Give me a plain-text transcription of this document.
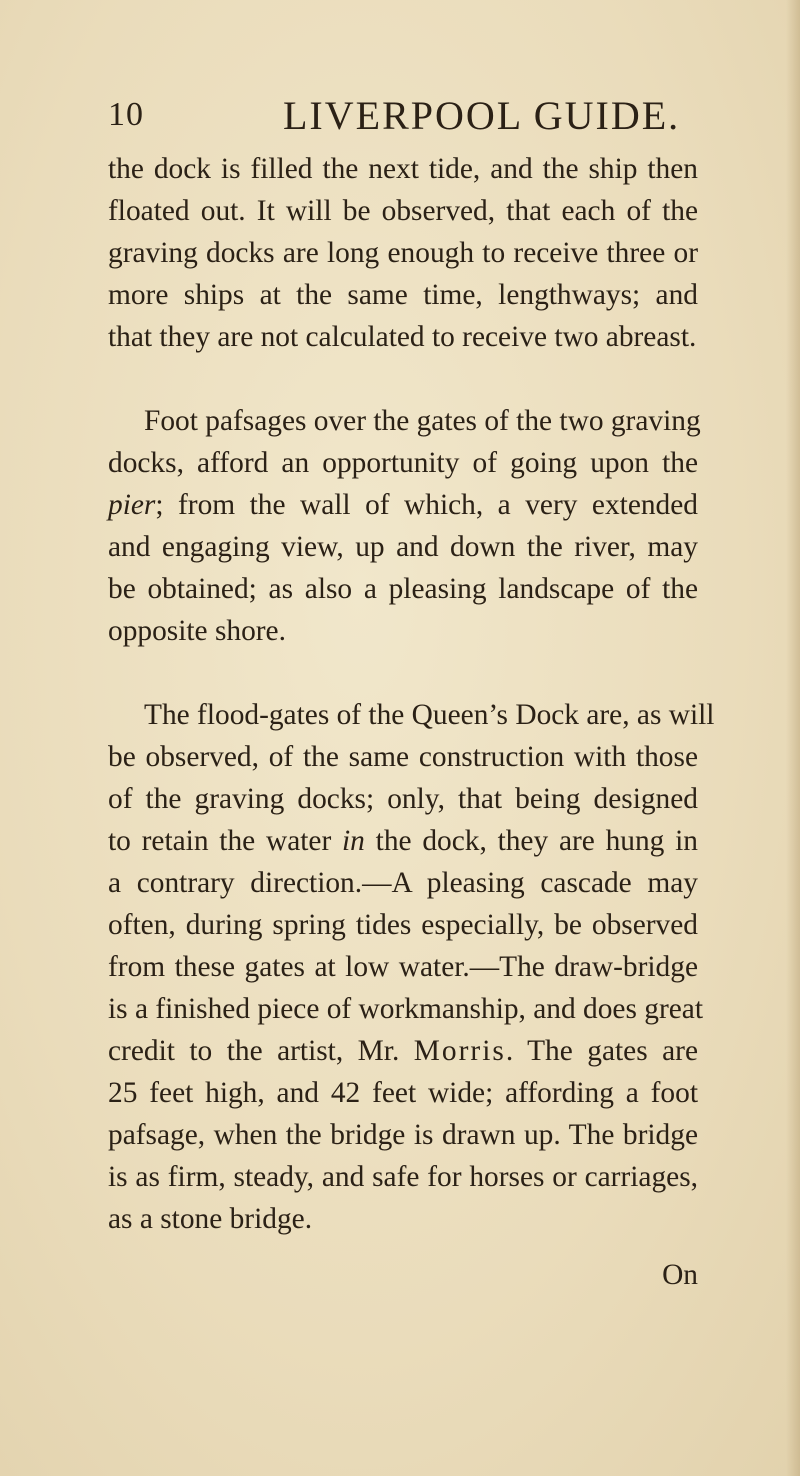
10	LIVERPOOL GUIDE.

the dock is filled the next tide, and the ship then
floated out. It will be observed, that each of the
graving docks are long enough to receive three or
more ships at the same time, lengthways; and
that they are not calculated to receive two abreast.

Foot pafsages over the gates of the two graving
docks, afford an opportunity of going upon the
pier; from the wall of which, a very extended
and engaging view, up and down the river, may
be obtained; as also a pleasing landscape of the
opposite shore.

The flood-gates of the Queen’s Dock are, as will
be observed, of the same construction with those
of the graving docks; only, that being designed
to retain the water in the dock, they are hung in
a contrary direction.—A pleasing cascade may
often, during spring tides especially, be observed
from these gates at low water.—The draw-bridge
is a finished piece of workmanship, and does great
credit to the artist, Mr. Morris. The gates are
25 feet high, and 42 feet wide; affording a foot
pafsage, when the bridge is drawn up. The bridge
is as firm, steady, and safe for horses or carriages,
as a stone bridge.

On
